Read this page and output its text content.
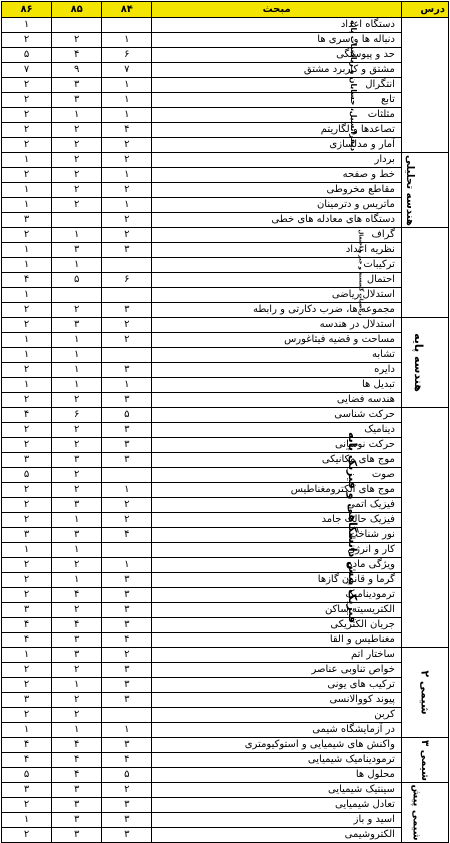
درس	مبحث	۸۴	۸۵	۸۶
دیفرانسیل، حسابان و ریاضیات پایه	دستگاه اعداد			۱
	دنباله ها و سری ها	۱	۲	۲
	حد و پیوستگی	۶	۴	۵
	مشتق و کاربرد مشتق	۷	۹	۷
	انتگرال	۱	۳	۲
	تابع	۱	۳	۲
	مثلثات	۱	۱	۲
	تصاعدها و لگاریتم	۴	۲	۲
	آمار و مدلسازی	۲	۲	۲
هندسه تحلیلی	بردار	۲	۲	۱
	خط و صفحه	۱	۲	۲
	مقاطع مخروطی	۲	۲	۱
	ماتریس و دترمینان	۱	۲	۱
	دستگاه های معادله های خطی	۲		۳
ریاضیات گسسته و جبر و احتمال	گراف	۲	۱	۲
	نظریه اعداد	۳	۳	۱
	ترکیبات		۱	۱
	احتمال	۶	۵	۴
	استدلال ریاضی			۱
	مجموعه ها، ضرب دکارتی و رابطه	۳	۲	۲
هندسه پایه	استدلال در هندسه	۲	۳	۲
	مساحت و قضیه فیثاغورس	۲	۱	۱
	تشابه		۱	۱
	دایره	۳	۱	۲
	تبدیل ها	۱	۱	۱
	هندسه فضایی	۳	۲	۲
فیزیک پیش دانشگاهی و فیزیک پایه	حرکت شناسی	۵	۶	۴
	دینامیک	۳	۲	۲
	حرکت نوسانی	۳	۲	۲
	موج های مکانیکی	۳	۳	۳
	صوت		۲	۵
	موج های الکترومغناطیس	۱	۲	۲
	فیزیک اتمی	۲	۳	۲
	فیزیک حالت جامد	۲	۱	۲
	نور شناخت	۴	۳	۳
	کار و انرژی		۱	۱
	ویژگی ماده	۱	۲	۲
	گرما و قانون گازها	۳	۱	۲
	ترمودینامیک	۳	۴	۲
	الکتریسیته ساکن	۳	۲	۳
	جریان الکتریکی	۳	۴	۴
	مغناطیس و القا	۴	۳	۴
شیمی ۲	ساختار اتم	۲	۳	۱
	خواص تناوبی عناصر	۳	۲	۲
	ترکیب های یونی	۳	۱	۲
	پیوند کووالانسی	۳	۲	۳
	کربن		۲	۲
	در آزمایشگاه شیمی	۱	۱	۱
شیمی ۳	واکنش های شیمیایی و استوکیومتری	۳	۴	۴
	ترمودینامیک شیمیایی	۴	۴	۴
	محلول ها	۵	۴	۵
شیمی پیش	سینتیک شیمیایی	۲	۳	۳
	تعادل شیمیایی	۳	۳	۲
	اسید و باز	۳	۳	۱
	الکتروشیمی	۳	۳	۲
